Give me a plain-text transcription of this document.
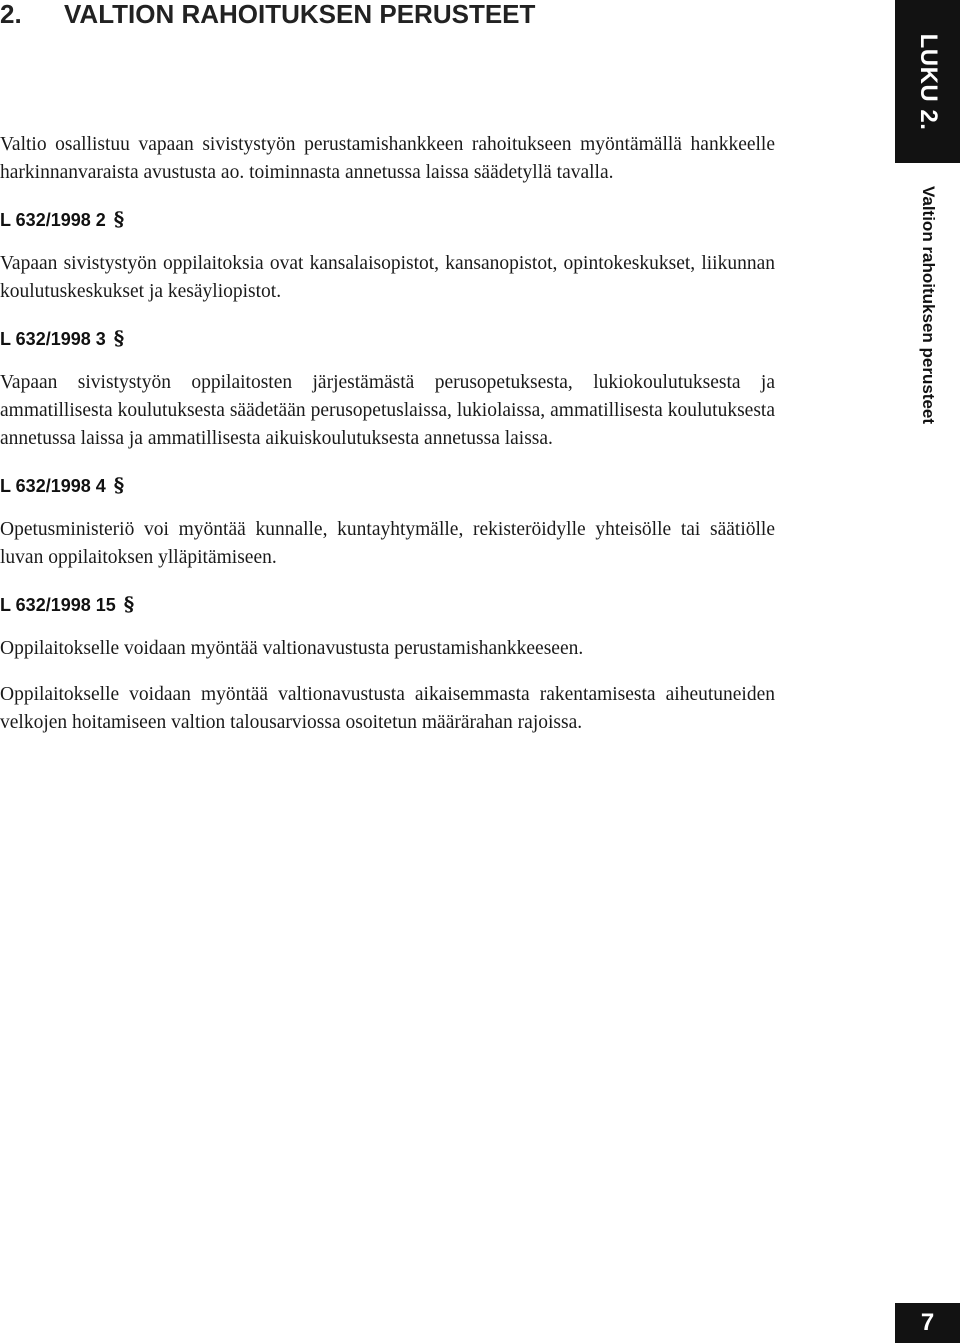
2. VALTION RAHOITUKSEN PERUSTEET

Valtio osallistuu vapaan sivistystyön perustamishankkeen rahoitukseen myöntämällä hankkeelle harkinnanvaraista avustusta ao. toiminnasta annetussa laissa säädetyllä tavalla.

L 632/1998 2 §

Vapaan sivistystyön oppilaitoksia ovat kansalaisopistot, kansanopistot, opintokeskukset, liikunnan koulutuskeskukset ja kesäyliopistot.

L 632/1998 3 §

Vapaan sivistystyön oppilaitosten järjestämästä perusopetuksesta, lukiokoulutuksesta ja ammatillisesta koulutuksesta säädetään perusopetuslaissa, lukiolaissa, ammatillisesta koulutuksesta annetussa laissa ja ammatillisesta aikuiskoulutuksesta annetussa laissa.

L 632/1998 4 §

Opetusministeriö voi myöntää kunnalle, kuntayhtymälle, rekisteröidylle yhteisölle tai säätiölle luvan oppilaitoksen ylläpitämiseen.

L 632/1998 15 §

Oppilaitokselle voidaan myöntää valtionavustusta perustamishankkeeseen.

Oppilaitokselle voidaan myöntää valtionavustusta aikaisemmasta rakentamisesta aiheutuneiden velkojen hoitamiseen valtion talousarviossa osoitetun määrärahan rajoissa.

LUKU 2.
Valtion rahoituksen perusteet
7
